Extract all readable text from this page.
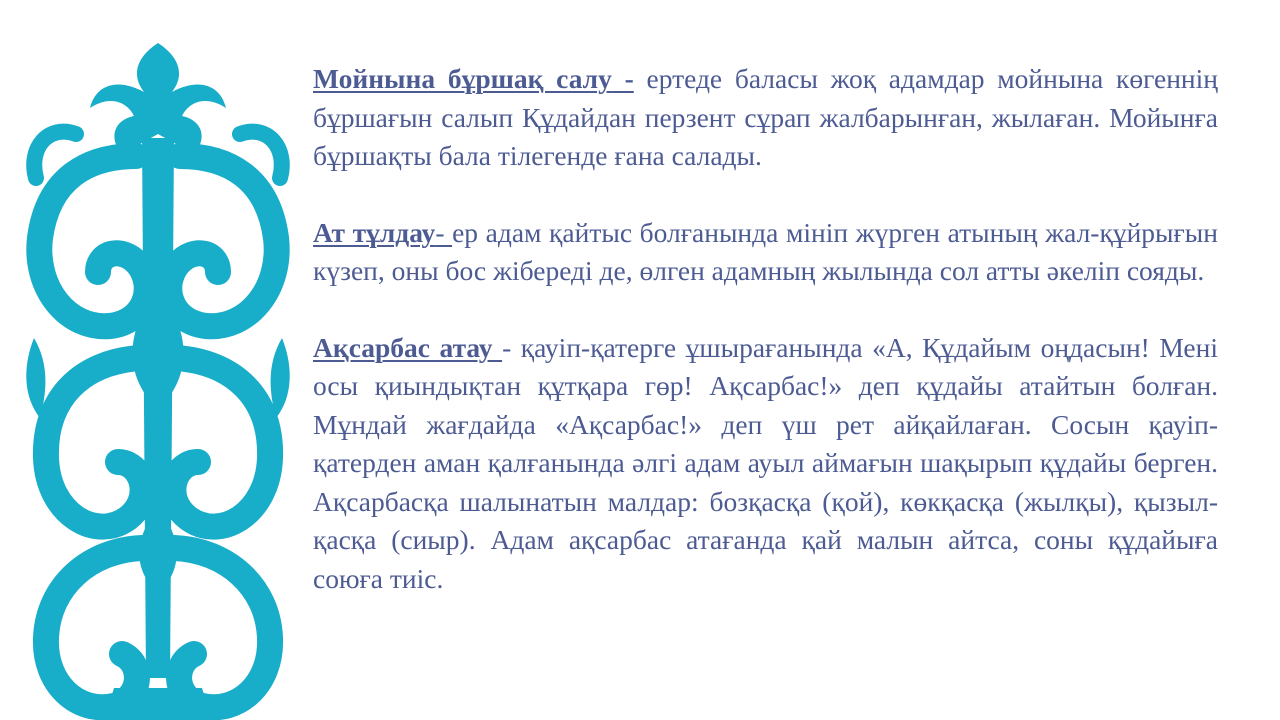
Мойнына бұршақ салу - ертеде баласы жоқ адамдар мойнына көгеннің бұршағын салып Құдайдан перзент сұрап жалбарынған, жылаған. Мойынға бұршақты бала тілегенде ғана салады.

Ат тұлдау- ер адам қайтыс болғанында мініп жүрген атының жал-құйрығын күзеп, оны бос жібереді де, өлген адамның жылында сол атты әкеліп сояды.

Ақсарбас атау - қауіп-қатерге ұшырағанында «А, Құдайым оңдасын! Мені осы қиындықтан құтқара гөр! Ақсарбас!» деп құдайы атайтын болған. Мұндай жағдайда «Ақсарбас!» деп үш рет айқайлаған. Сосын қауіп-қатерден аман қалғанында әлгі адам ауыл аймағын шақырып құдайы берген. Ақсарбасқа шалынатын малдар: бозқасқа (қой), көкқасқа (жылқы), қызыл-қасқа (сиыр). Адам ақсарбас атағанда қай малын айтса, соны құдайыға союға тиіс.
